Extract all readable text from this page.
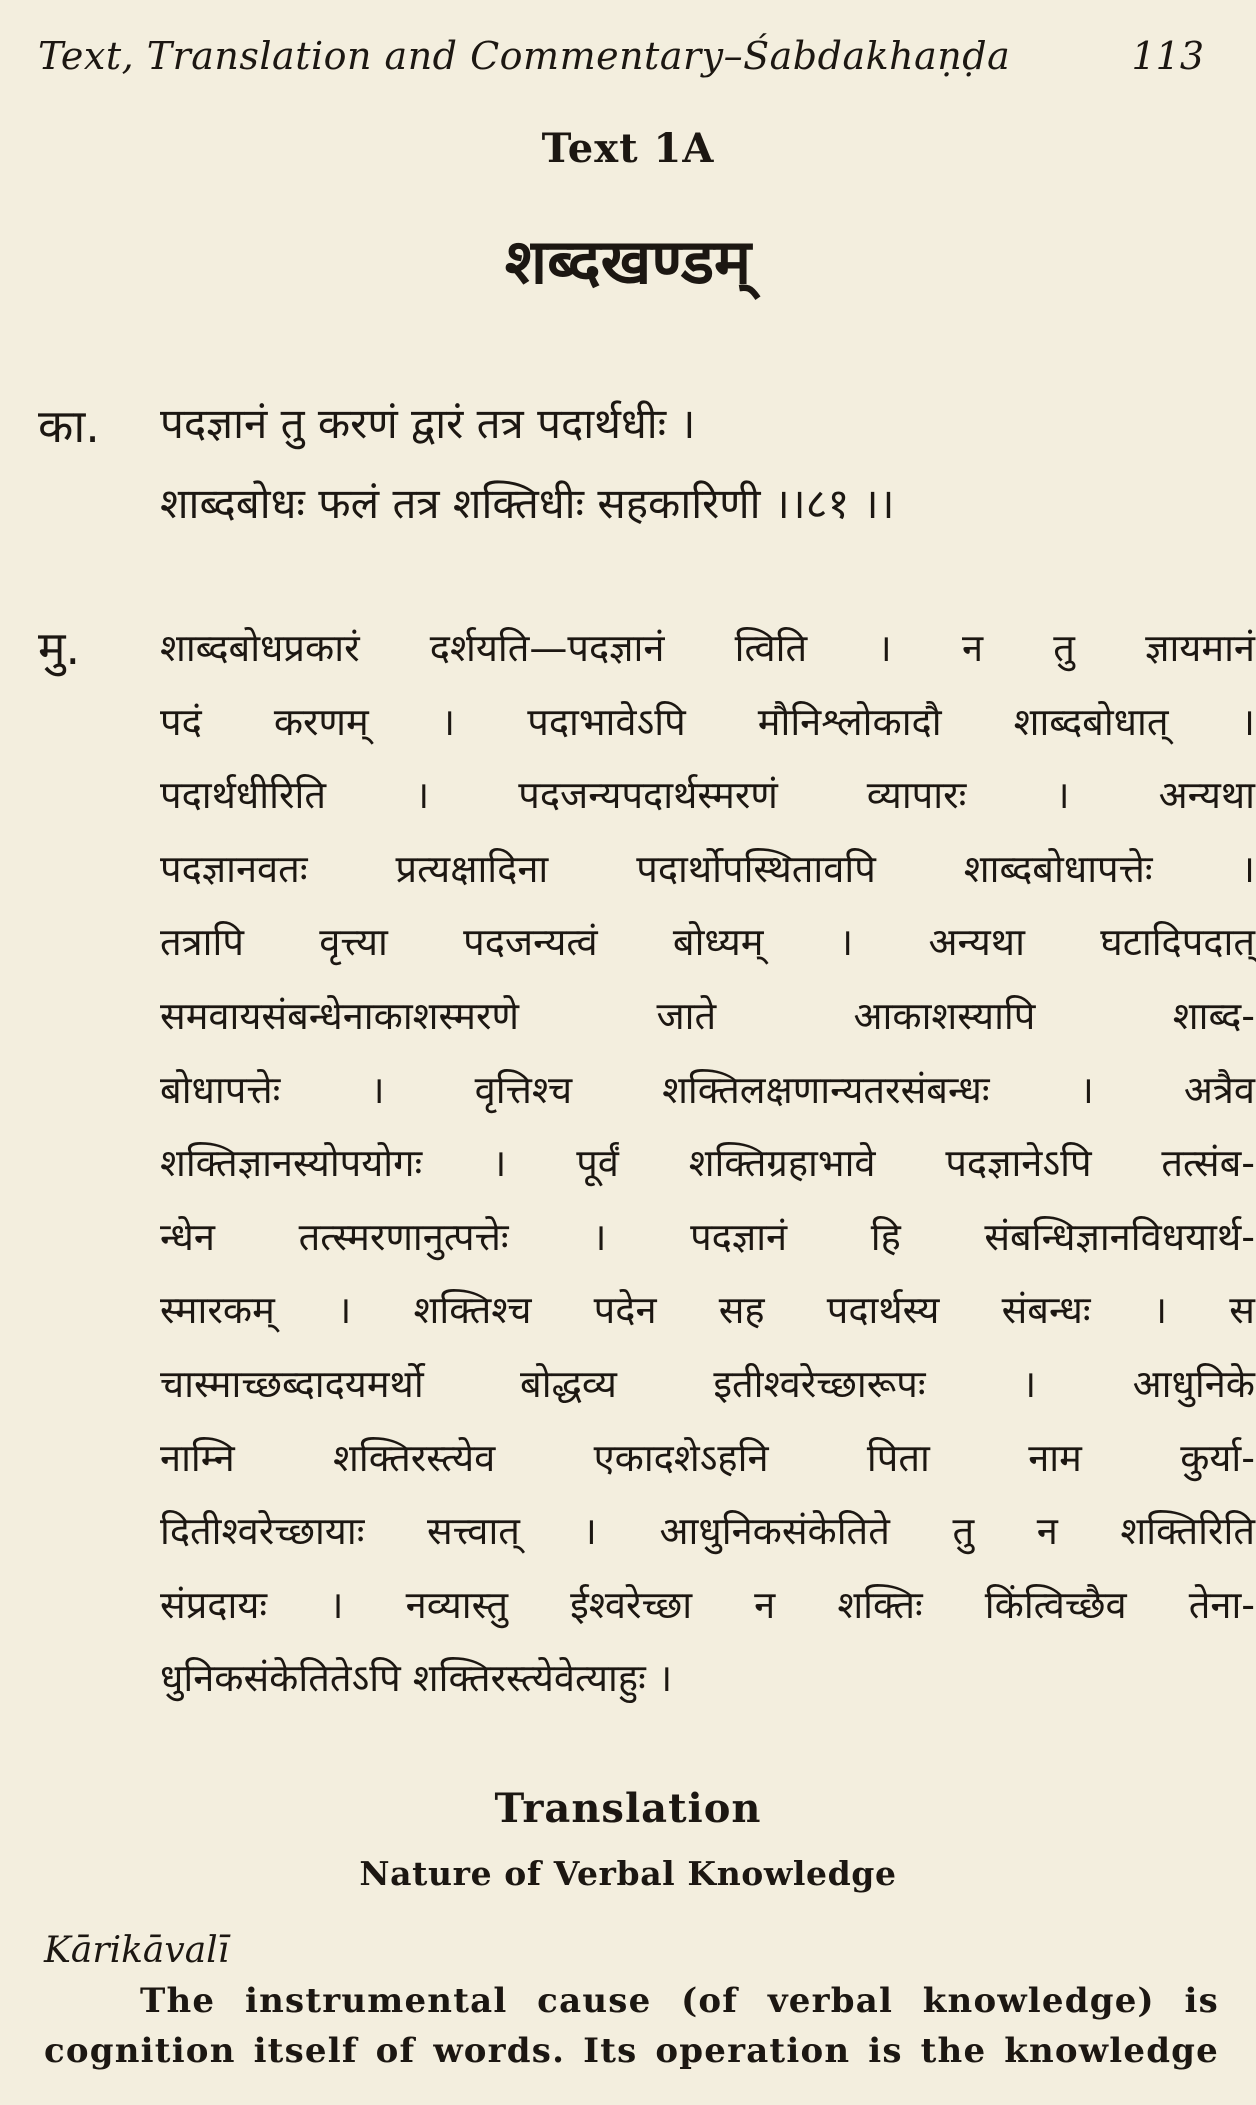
Text, Translation and Commentary–Śabdakhaṇḍa	113
Text 1A
शब्दखण्डम्
का. पदज्ञानं तु करणं द्वारं तत्र पदार्थधीः ।
शाब्दबोधः फलं तत्र शक्तिधीः सहकारिणी ।।८१ ।।
मु. शाब्दबोधप्रकारं दर्शयति—पदज्ञानं त्विति । न तु ज्ञायमानं
पदं करणम् । पदाभावेऽपि मौनिश्लोकादौ शाब्दबोधात् ।
पदार्थधीरिति । पदजन्यपदार्थस्मरणं व्यापारः । अन्यथा
पदज्ञानवतः प्रत्यक्षादिना पदार्थोपस्थितावपि शाब्दबोधापत्तेः ।
तत्रापि वृत्त्या पदजन्यत्वं बोध्यम् । अन्यथा घटादिपदात्
समवायसंबन्धेनाकाशस्मरणे जाते आकाशस्यापि शाब्द-
बोधापत्तेः । वृत्तिश्च शक्तिलक्षणान्यतरसंबन्धः । अत्रैव
शक्तिज्ञानस्योपयोगः । पूर्वं शक्तिग्रहाभावे पदज्ञानेऽपि तत्संब-
न्धेन तत्स्मरणानुत्पत्तेः । पदज्ञानं हि संबन्धिज्ञानविधयार्थ-
स्मारकम् । शक्तिश्च पदेन सह पदार्थस्य संबन्धः । स
चास्माच्छब्दादयमर्थो बोद्धव्य इतीश्वरेच्छारूपः । आधुनिके
नाम्नि शक्तिरस्त्येव एकादशेऽहनि पिता नाम कुर्या-
दितीश्वरेच्छायाः सत्त्वात् । आधुनिकसंकेतिते तु न शक्तिरिति
संप्रदायः । नव्यास्तु ईश्वरेच्छा न शक्तिः किंत्विच्छैव तेना-
धुनिकसंकेतितेऽपि शक्तिरस्त्येवेत्याहुः ।
Translation
Nature of Verbal Knowledge
Kārikāvalī
The instrumental cause (of verbal knowledge) is
cognition itself of words. Its operation is the knowledge
